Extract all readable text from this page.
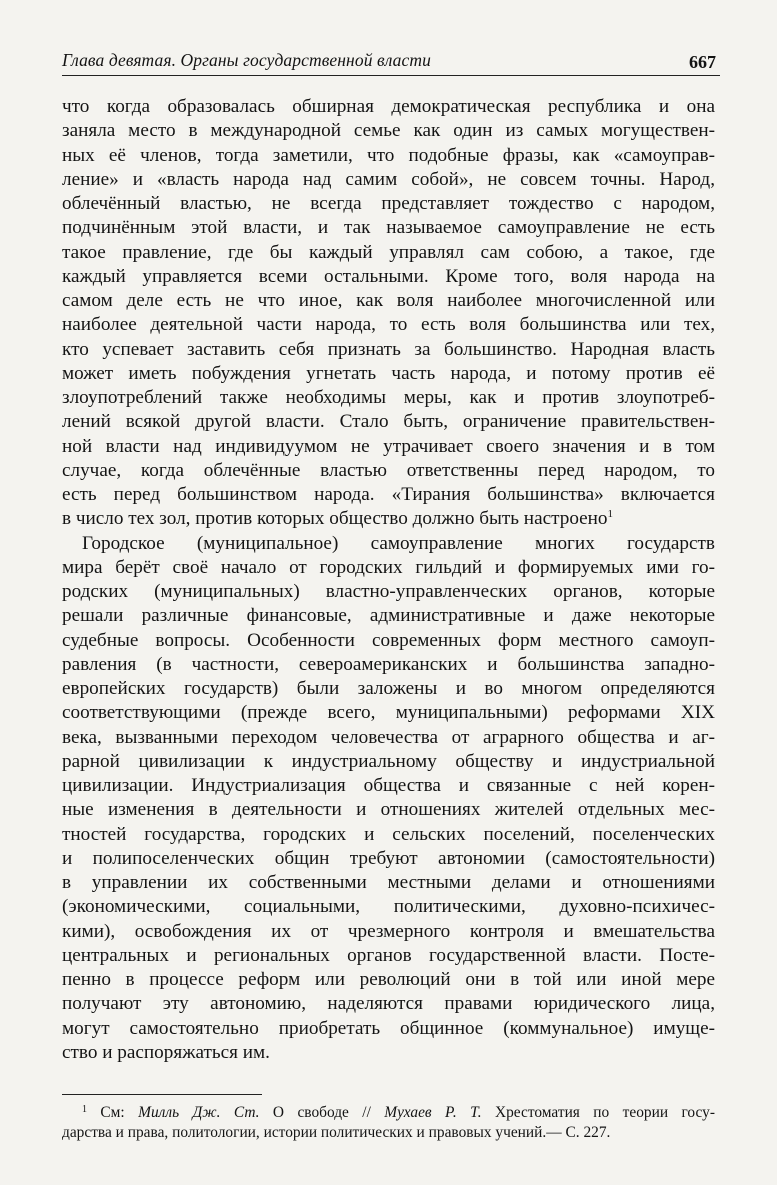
Глава девятая. Органы государственной власти	667

что когда образовалась обширная демократическая республика и она
заняла место в международной семье как один из самых могуществен-
ных её членов, тогда заметили, что подобные фразы, как «самоуправ-
ление» и «власть народа над самим собой», не совсем точны. Народ,
облечённый властью, не всегда представляет тождество с народом,
подчинённым этой власти, и так называемое самоуправление не есть
такое правление, где бы каждый управлял сам собою, а такое, где
каждый управляется всеми остальными. Кроме того, воля народа на
самом деле есть не что иное, как воля наиболее многочисленной или
наиболее деятельной части народа, то есть воля большинства или тех,
кто успевает заставить себя признать за большинство. Народная власть
может иметь побуждения угнетать часть народа, и потому против её
злоупотреблений также необходимы меры, как и против злоупотреб-
лений всякой другой власти. Стало быть, ограничение правительствен-
ной власти над индивидуумом не утрачивает своего значения и в том
случае, когда облечённые властью ответственны перед народом, то
есть перед большинством народа. «Тирания большинства» включается
в число тех зол, против которых общество должно быть настроено$^1$

Городское (муниципальное) самоуправление многих государств
мира берёт своё начало от городских гильдий и формируемых ими го-
родских (муниципальных) властно-управленческих органов, которые
решали различные финансовые, административные и даже некоторые
судебные вопросы. Особенности современных форм местного самоуп-
равления (в частности, североамериканских и большинства западно-
европейских государств) были заложены и во многом определяются
соответствующими (прежде всего, муниципальными) реформами XIX
века, вызванными переходом человечества от аграрного общества и аг-
рарной цивилизации к индустриальному обществу и индустриальной
цивилизации. Индустриализация общества и связанные с ней корен-
ные изменения в деятельности и отношениях жителей отдельных мес-
тностей государства, городских и сельских поселений, поселенческих
и полипоселенческих общин требуют автономии (самостоятельности)
в управлении их собственными местными делами и отношениями
(экономическими, социальными, политическими, духовно-психичес-
кими), освобождения их от чрезмерного контроля и вмешательства
центральных и региональных органов государственной власти. Посте-
пенно в процессе реформ или революций они в той или иной мере
получают эту автономию, наделяются правами юридического лица,
могут самостоятельно приобретать общинное (коммунальное) имуще-
ство и распоряжаться им.

$^1$ См: Милль Дж. Ст. О свободе // Мухаев Р. Т. Хрестоматия по теории госу-
дарства и права, политологии, истории политических и правовых учений.— С. 227.
